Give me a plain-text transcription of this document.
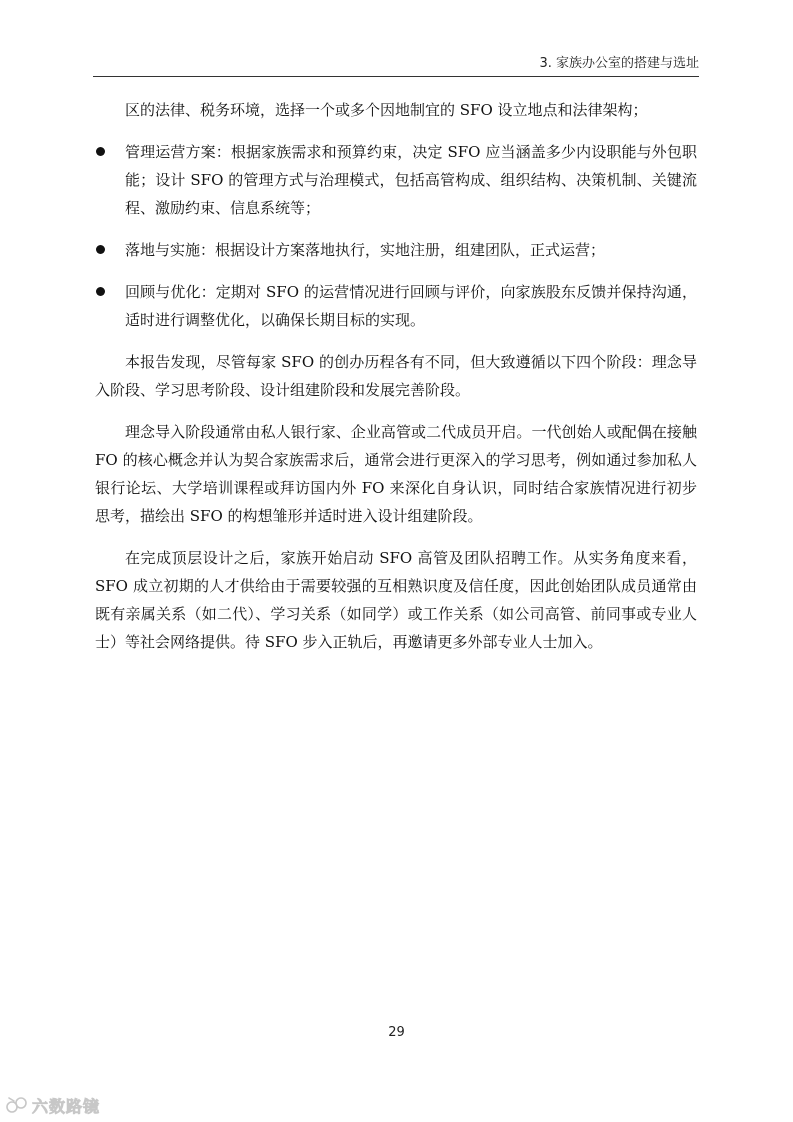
3. 家族办公室的搭建与选址

区的法律、税务环境，选择一个或多个因地制宜的 SFO 设立地点和法律架构；

管理运营方案：根据家族需求和预算约束，决定 SFO 应当涵盖多少内设职能与外包职能；设计 SFO 的管理方式与治理模式，包括高管构成、组织结构、决策机制、关键流程、激励约束、信息系统等；
落地与实施：根据设计方案落地执行，实地注册，组建团队，正式运营；
回顾与优化：定期对 SFO 的运营情况进行回顾与评价，向家族股东反馈并保持沟通，适时进行调整优化，以确保长期目标的实现。

本报告发现，尽管每家 SFO 的创办历程各有不同，但大致遵循以下四个阶段：理念导入阶段、学习思考阶段、设计组建阶段和发展完善阶段。

理念导入阶段通常由私人银行家、企业高管或二代成员开启。一代创始人或配偶在接触 FO 的核心概念并认为契合家族需求后，通常会进行更深入的学习思考，例如通过参加私人银行论坛、大学培训课程或拜访国内外 FO 来深化自身认识，同时结合家族情况进行初步思考，描绘出 SFO 的构想雏形并适时进入设计组建阶段。

在完成顶层设计之后，家族开始启动 SFO 高管及团队招聘工作。从实务角度来看，SFO 成立初期的人才供给由于需要较强的互相熟识度及信任度，因此创始团队成员通常由既有亲属关系（如二代）、学习关系（如同学）或工作关系（如公司高管、前同事或专业人士）等社会网络提供。待 SFO 步入正轨后，再邀请更多外部专业人士加入。

29
六数路镜
